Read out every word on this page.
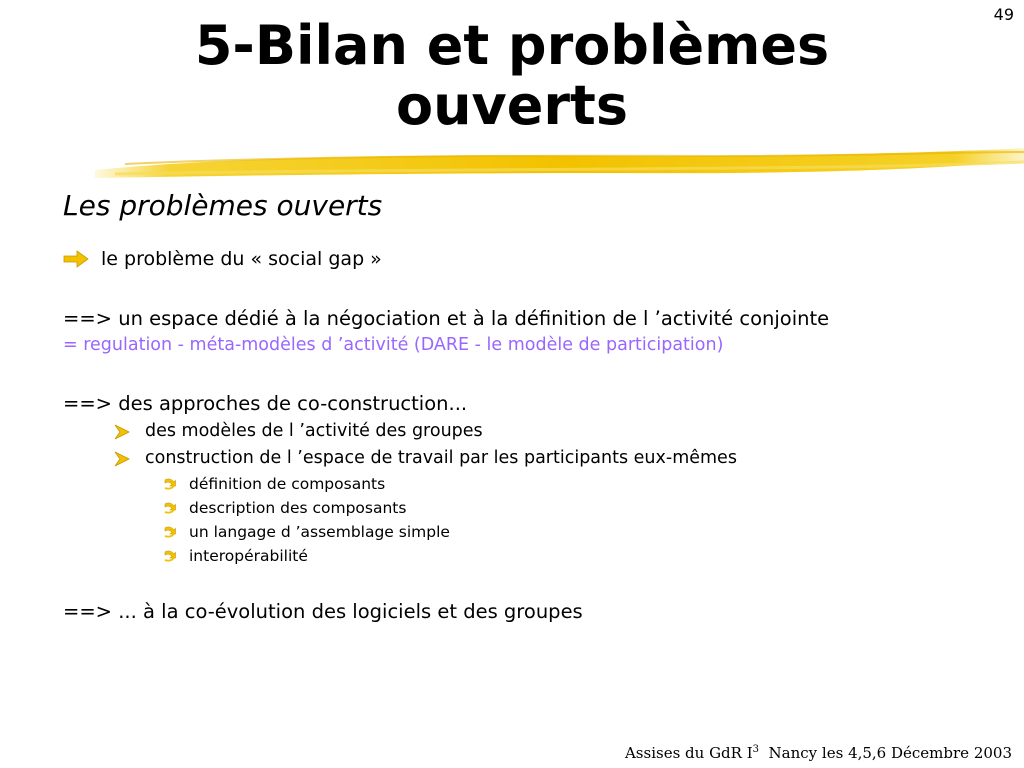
49
5-Bilan et problèmes
ouverts

Les problèmes ouverts

le problème du « social gap »
==> un espace dédié à la négociation et à la définition de l ’activité conjointe
= regulation - méta-modèles d ’activité (DARE - le modèle de participation)
==> des approches de co-construction...
des modèles de l ’activité des groupes
construction de l ’espace de travail par les participants eux-mêmes
définition de composants
description des composants
un langage d ’assemblage simple
interopérabilité
==> ... à la co-évolution des logiciels et des groupes
Assises du GdR $I^3$  Nancy les 4,5,6 Décembre 2003
